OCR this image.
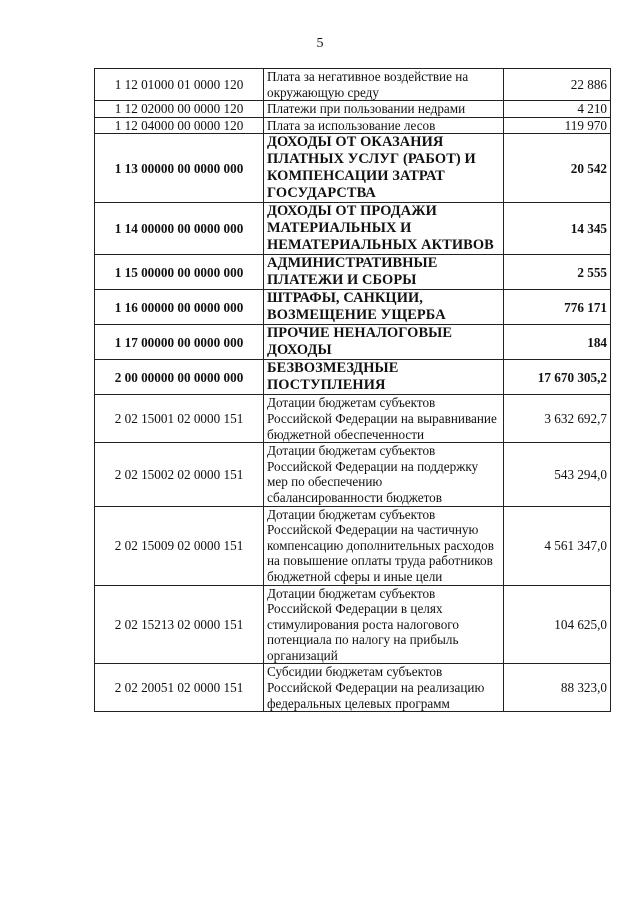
5
1 12 01000 01 0000 120	Плата за негативное воздействие на окружающую среду	22 886
1 12 02000 00 0000 120	Платежи при пользовании недрами	4 210
1 12 04000 00 0000 120	Плата за использование лесов	119 970
1 13 00000 00 0000 000	ДОХОДЫ ОТ ОКАЗАНИЯ ПЛАТНЫХ УСЛУГ (РАБОТ) И КОМПЕНСАЦИИ ЗАТРАТ ГОСУДАРСТВА	20 542
1 14 00000 00 0000 000	ДОХОДЫ ОТ ПРОДАЖИ МАТЕРИАЛЬНЫХ И НЕМАТЕРИАЛЬНЫХ АКТИВОВ	14 345
1 15 00000 00 0000 000	АДМИНИСТРАТИВНЫЕ ПЛАТЕЖИ И СБОРЫ	2 555
1 16 00000 00 0000 000	ШТРАФЫ, САНКЦИИ, ВОЗМЕЩЕНИЕ УЩЕРБА	776 171
1 17 00000 00 0000 000	ПРОЧИЕ НЕНАЛОГОВЫЕ ДОХОДЫ	184
2 00 00000 00 0000 000	БЕЗВОЗМЕЗДНЫЕ ПОСТУПЛЕНИЯ	17 670 305,2
2 02 15001 02 0000 151	Дотации бюджетам субъектов Российской Федерации на выравнивание бюджетной обеспеченности	3 632 692,7
2 02 15002 02 0000 151	Дотации бюджетам субъектов Российской Федерации на поддержку мер по обеспечению сбалансированности бюджетов	543 294,0
2 02 15009 02 0000 151	Дотации бюджетам субъектов Российской Федерации на частичную компенсацию дополнительных расходов на повышение оплаты труда работников бюджетной сферы и иные цели	4 561 347,0
2 02 15213 02 0000 151	Дотации бюджетам субъектов Российской Федерации в целях стимулирования роста налогового потенциала по налогу на прибыль организаций	104 625,0
2 02 20051 02 0000 151	Субсидии бюджетам субъектов Российской Федерации на реализацию федеральных целевых программ	88 323,0
